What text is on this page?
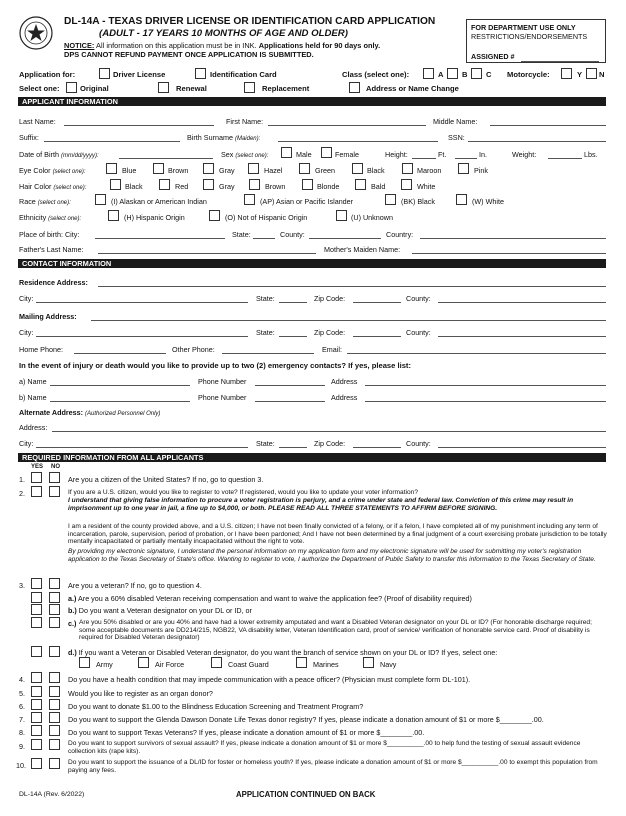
DL-14A - TEXAS DRIVER LICENSE OR IDENTIFICATION CARD APPLICATION
(ADULT - 17 YEARS 10 MONTHS OF AGE AND OLDER)
NOTICE: All information on this application must be in INK. Applications held for 90 days only.
DPS CANNOT REFUND PAYMENT ONCE APPLICATION IS SUBMITTED.
FOR DEPARTMENT USE ONLY
RESTRICTIONS/ENDORSEMENTS
ASSIGNED #
Application for:	Driver License	Identification Card	Class (select one):	A B C Motorcycle:	Y N
Select one:	Original	Renewal	Replacement	Address or Name Change
APPLICANT INFORMATION
Last Name:	First Name:	Middle Name:
Suffix:	Birth Surname (Maiden):	SSN:
Date of Birth (mm/dd/yyyy):	Sex (select one):	Male	Female	Height:	Ft.	In.	Weight:	Lbs.
Eye Color (select one):	Blue	Brown	Gray	Hazel	Green	Black	Maroon	Pink
Hair Color (select one):	Black	Red	Gray	Brown	Blonde	Bald	White
Race (select one):	(I) Alaskan or American Indian	(AP) Asian or Pacific Islander	(BK) Black	(W) White
Ethnicity (select one):	(H) Hispanic Origin	(O) Not of Hispanic Origin	(U) Unknown
Place of birth: City:	State:	County:	Country:
Father's Last Name:	Mother's Maiden Name:
CONTACT INFORMATION
Residence Address:
City:	State:	Zip Code:	County:
Mailing Address:
City:	State:	Zip Code:	County:
Home Phone:	Other Phone:	Email:
In the event of injury or death would you like to provide up to two (2) emergency contacts? If yes, please list:
a) Name	Phone Number	Address
b) Name	Phone Number	Address
Alternate Address: (Authorized Personnel Only)
Address:
City:	State:	Zip Code:	County:
REQUIRED INFORMATION FROM ALL APPLICANTS
YES NO
1.	Are you a citizen of the United States? If no, go to question 3.
2.	If you are a U.S. citizen, would you like to register to vote? If registered, would you like to update your voter information?
I understand that giving false information to procure a voter registration is perjury, and a crime under state and federal law. Conviction of this crime may result in imprisonment up to one year in jail, a fine up to $4,000, or both. PLEASE READ ALL THREE STATEMENTS TO AFFIRM BEFORE SIGNING.
I am a resident of the county provided above, and a U.S. citizen; I have not been finally convicted of a felony, or if a felon, I have completed all of my punishment including any term of incarceration, parole, supervision, period of probation, or I have been pardoned; And I have not been determined by a final judgment of a court exercising probate jurisdiction to be totally mentally incapacitated or partially mentally incapacitated without the right to vote.
By providing my electronic signature, I understand the personal information on my application form and my electronic signature will be used for submitting my voter's registration application to the Texas Secretary of State's office. Wanting to register to vote, I authorize the Department of Public Safety to transfer this information to the Texas Secretary of State.
3.	Are you a veteran? If no, go to question 4.
a.) Are you a 60% disabled Veteran receiving compensation and want to waive the application fee? (Proof of disability required)
b.) Do you want a Veteran designator on your DL or ID, or
c.) Are you 50% disabled or are you 40% and have had a lower extremity amputated and want a Disabled Veteran designator on your DL or ID? (For honorable discharge required; some acceptable documents are DD214/215, NGB22, VA disability letter, Veteran Identification card, proof of service/ verification of honorable service card. Proof of disability is required for Disabled Veteran designator)
d.) If you want a Veteran or Disabled Veteran designator, do you want the branch of service shown on your DL or ID? If yes, select one:
Army	Air Force	Coast Guard	Marines	Navy
4.	Do you have a health condition that may impede communication with a peace officer? (Physician must complete form DL-101).
5.	Would you like to register as an organ donor?
6.	Do you want to donate $1.00 to the Blindness Education Screening and Treatment Program?
7.	Do you want to support the Glenda Dawson Donate Life Texas donor registry? If yes, please indicate a donation amount of $1 or more $________.00.
8.	Do you want to support Texas Veterans? If yes, please indicate a donation amount of $1 or more $________.00.
9.	Do you want to support survivors of sexual assault? If yes, please indicate a donation amount of $1 or more $__________.00 to help fund the testing of sexual assault evidence collection kits (rape kits).
10.	Do you want to support the issuance of a DL/ID for foster or homeless youth? If yes, please indicate a donation amount of $1 or more $__________.00 to exempt this population from paying any fees.
DL-14A (Rev. 6/2022)	APPLICATION CONTINUED ON BACK
